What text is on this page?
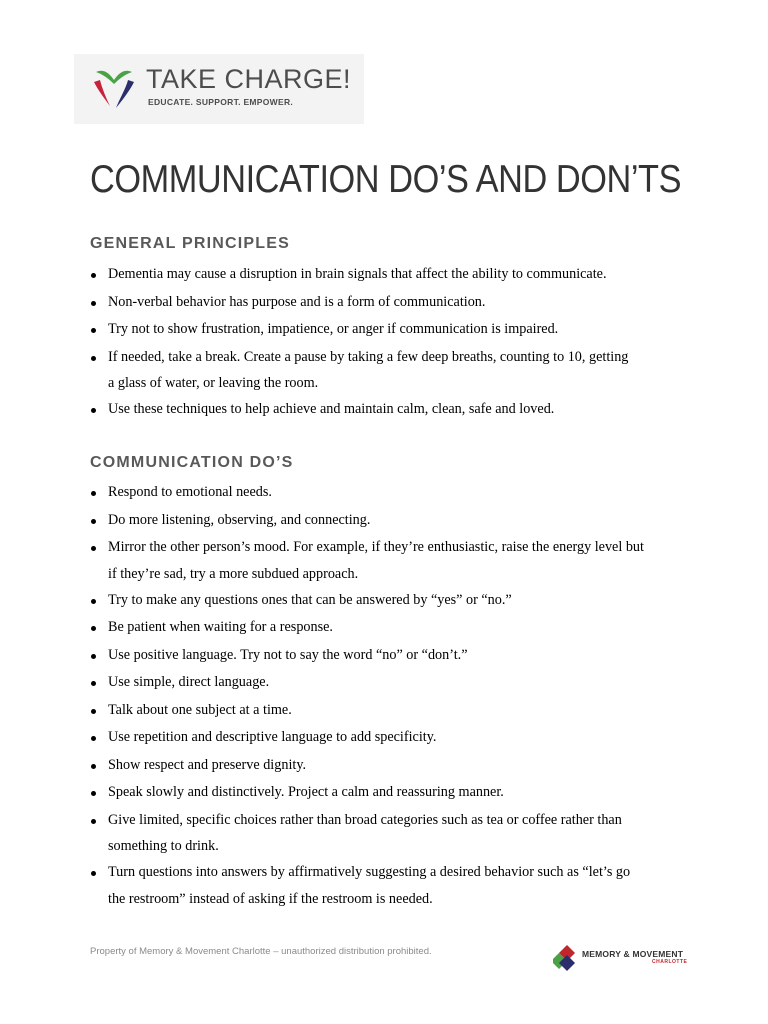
TAKE CHARGE!
EDUCATE. SUPPORT. EMPOWER.
COMMUNICATION DO’S AND DON’TS
GENERAL PRINCIPLES
Dementia may cause a disruption in brain signals that affect the ability to communicate.
Non-verbal behavior has purpose and is a form of communication.
Try not to show frustration, impatience, or anger if communication is impaired.
If needed, take a break. Create a pause by taking a few deep breaths, counting to 10, getting
a glass of water, or leaving the room.
Use these techniques to help achieve and maintain calm, clean, safe and loved.
COMMUNICATION DO’S
Respond to emotional needs.
Do more listening, observing, and connecting.
Mirror the other person’s mood. For example, if they’re enthusiastic, raise the energy level but
if they’re sad, try a more subdued approach.
Try to make any questions ones that can be answered by “yes” or “no.”
Be patient when waiting for a response.
Use positive language. Try not to say the word “no” or “don’t.”
Use simple, direct language.
Talk about one subject at a time.
Use repetition and descriptive language to add specificity.
Show respect and preserve dignity.
Speak slowly and distinctively. Project a calm and reassuring manner.
Give limited, specific choices rather than broad categories such as tea or coffee rather than
something to drink.
Turn questions into answers by affirmatively suggesting a desired behavior such as “let’s go
the restroom” instead of asking if the restroom is needed.
Property of Memory & Movement Charlotte – unauthorized distribution prohibited.	MEMORY & MOVEMENT
CHARLOTTE
